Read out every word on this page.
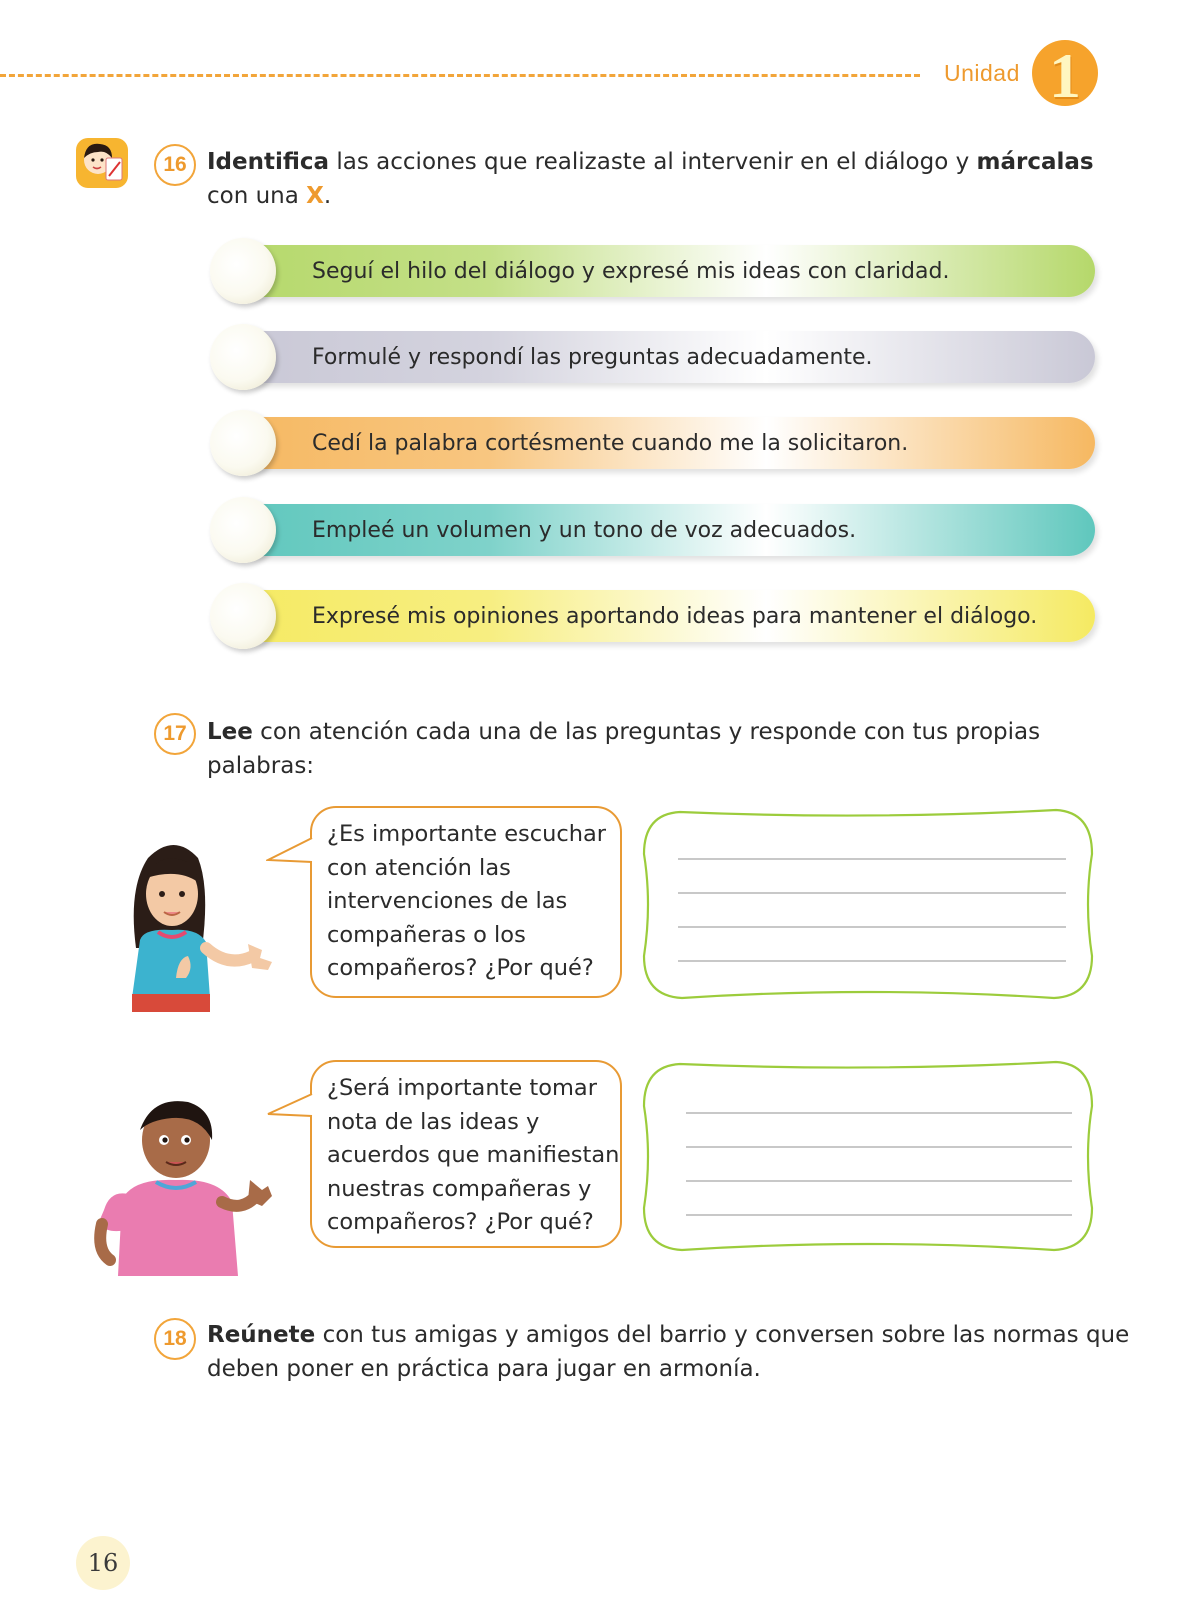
Unidad 1
16 Identifica las acciones que realizaste al intervenir en el diálogo y márcalas
con una X.
Seguí el hilo del diálogo y expresé mis ideas con claridad.
Formulé y respondí las preguntas adecuadamente.
Cedí la palabra cortésmente cuando me la solicitaron.
Empleé un volumen y un tono de voz adecuados.
Expresé mis opiniones aportando ideas para mantener el diálogo.
17 Lee con atención cada una de las preguntas y responde con tus propias
palabras:
¿Es importante escuchar
con atención las
intervenciones de las
compañeras o los
compañeros? ¿Por qué?
¿Será importante tomar
nota de las ideas y
acuerdos que manifiestan
nuestras compañeras y
compañeros? ¿Por qué?
18 Reúnete con tus amigas y amigos del barrio y conversen sobre las normas que
deben poner en práctica para jugar en armonía.
16
